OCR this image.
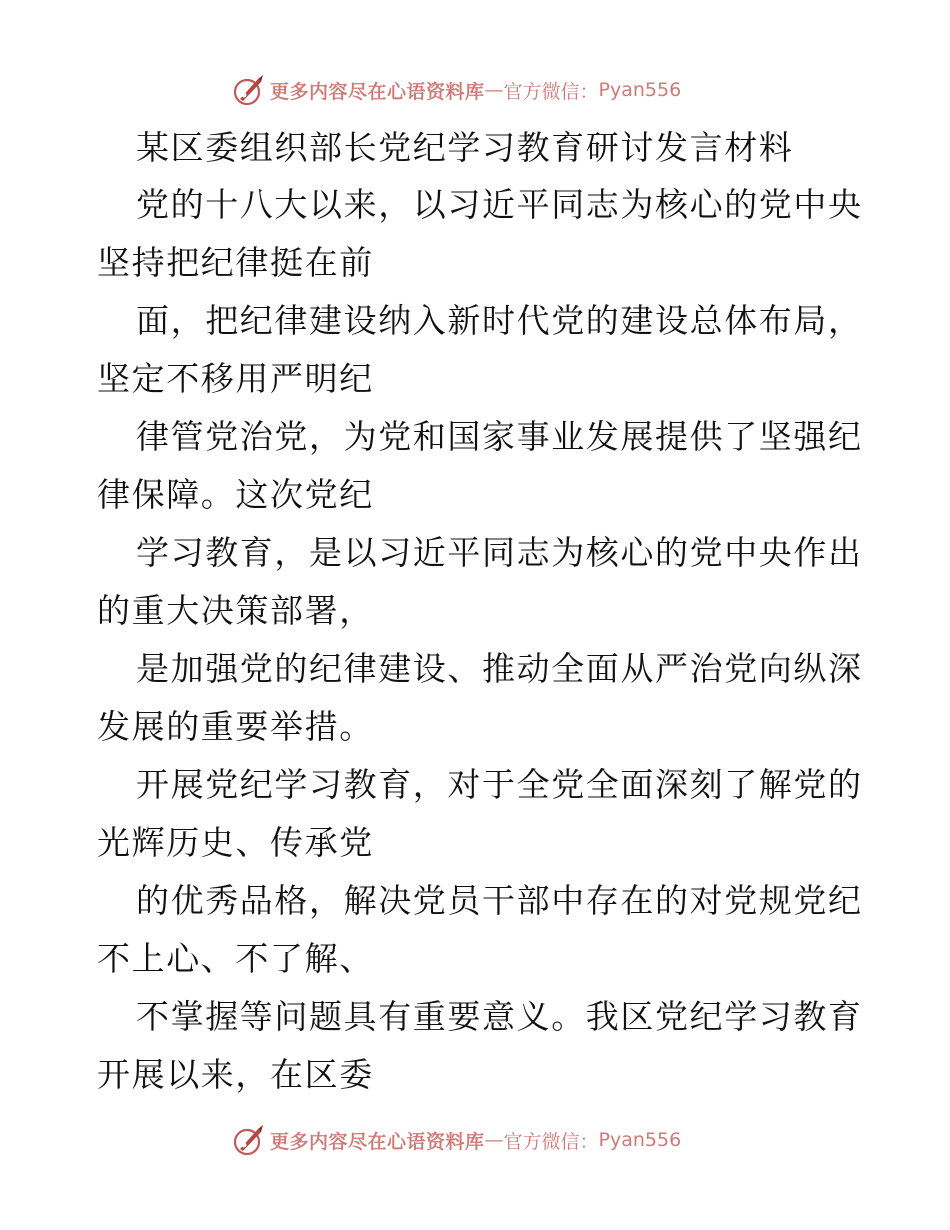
更多内容尽在心语资料库 — 官方微信： Pyan556
某区委组织部长党纪学习教育研讨发言材料
党的十八大以来，以习近平同志为核心的党中央
坚持把纪律挺在前
面，把纪律建设纳入新时代党的建设总体布局，
坚定不移用严明纪
律管党治党，为党和国家事业发展提供了坚强纪
律保障。这次党纪
学习教育，是以习近平同志为核心的党中央作出
的重大决策部署，
是加强党的纪律建设、推动全面从严治党向纵深
发展的重要举措。
开展党纪学习教育，对于全党全面深刻了解党的
光辉历史、传承党
的优秀品格，解决党员干部中存在的对党规党纪
不上心、不了解、
不掌握等问题具有重要意义。我区党纪学习教育
开展以来，在区委
更多内容尽在心语资料库 — 官方微信： Pyan556
